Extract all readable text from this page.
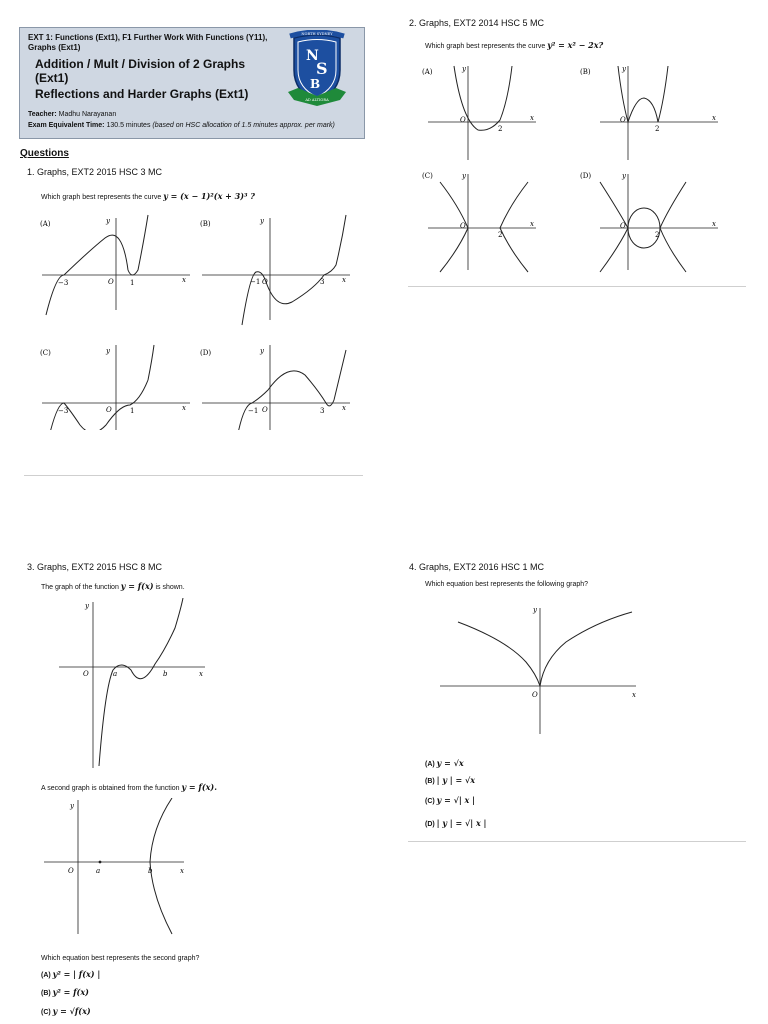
EXT 1: Functions (Ext1), F1 Further Work With Functions (Y11), Graphs (Ext1)
Addition / Mult / Division of 2 Graphs
(Ext1)
Reflections and Harder Graphs (Ext1)
Teacher: Madhu Narayanan
Exam Equivalent Time: 130.5 minutes (based on HSC allocation of 1.5 minutes approx. per mark)
N
S
B
AD ALTIORA
NORTH SYDNEY
Questions
1. Graphs, EXT2 2015 HSC 3 MC
Which graph best represents the curve y = (x − 1)²(x + 3)³ ?
(A)	y
x
−3	O 1
(B)	y
x
−1 O	3
(C)	y
x
−3	O	1
(D)	y
x
−1 O	3
2. Graphs, EXT2 2014 HSC 5 MC
Which graph best represents the curve y² = x² − 2x?
(A)	y
x
O
2
(B)	y
x
O
2
(C)	y
x
O
2
(D)	y
x
O
2
3. Graphs, EXT2 2015 HSC 8 MC
The graph of the function y = f(x) is shown.
y
x
O	a	b
A second graph is obtained from the function y = f(x).
y
x
O	a	b
Which equation best represents the second graph?
(A) y² = | f(x) |
(B) y² = f(x)
(C) y = √f(x)
4. Graphs, EXT2 2016 HSC 1 MC
Which equation best represents the following graph?
y
x
O
(A) y = √x
(B) | y | = √x
(C) y = √| x |
(D) | y | = √| x |
